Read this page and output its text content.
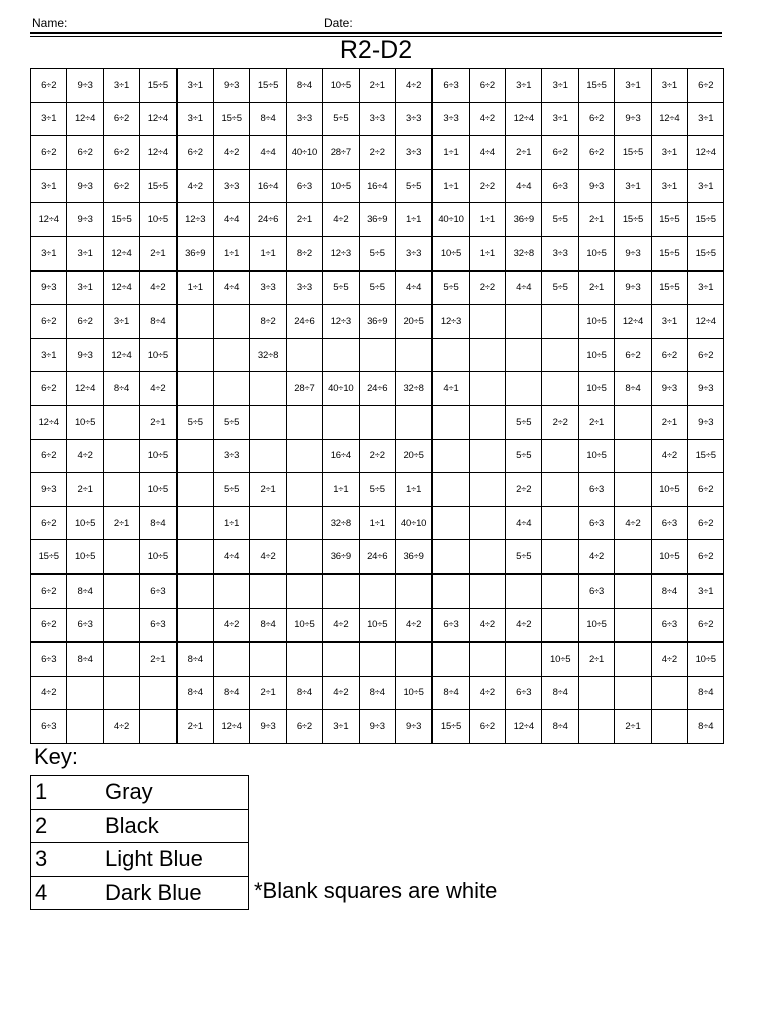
Name:	Date:
R2-D2
6÷2	9÷3	3÷1	15÷5	3÷1	9÷3	15÷5	8÷4	10÷5	2÷1	4÷2	6÷3	6÷2	3÷1	3÷1	15÷5	3÷1	3÷1	6÷2
3÷1	12÷4	6÷2	12÷4	3÷1	15÷5	8÷4	3÷3	5÷5	3÷3	3÷3	3÷3	4÷2	12÷4	3÷1	6÷2	9÷3	12÷4	3÷1
6÷2	6÷2	6÷2	12÷4	6÷2	4÷2	4÷4	40÷10	28÷7	2÷2	3÷3	1÷1	4÷4	2÷1	6÷2	6÷2	15÷5	3÷1	12÷4
3÷1	9÷3	6÷2	15÷5	4÷2	3÷3	16÷4	6÷3	10÷5	16÷4	5÷5	1÷1	2÷2	4÷4	6÷3	9÷3	3÷1	3÷1	3÷1
12÷4	9÷3	15÷5	10÷5	12÷3	4÷4	24÷6	2÷1	4÷2	36÷9	1÷1	40÷10	1÷1	36÷9	5÷5	2÷1	15÷5	15÷5	15÷5
3÷1	3÷1	12÷4	2÷1	36÷9	1÷1	1÷1	8÷2	12÷3	5÷5	3÷3	10÷5	1÷1	32÷8	3÷3	10÷5	9÷3	15÷5	15÷5
9÷3	3÷1	12÷4	4÷2	1÷1	4÷4	3÷3	3÷3	5÷5	5÷5	4÷4	5÷5	2÷2	4÷4	5÷5	2÷1	9÷3	15÷5	3÷1
6÷2	6÷2	3÷1	8÷4			8÷2	24÷6	12÷3	36÷9	20÷5	12÷3				10÷5	12÷4	3÷1	12÷4
3÷1	9÷3	12÷4	10÷5			32÷8									10÷5	6÷2	6÷2	6÷2
6÷2	12÷4	8÷4	4÷2				28÷7	40÷10	24÷6	32÷8	4÷1				10÷5	8÷4	9÷3	9÷3
12÷4	10÷5		2÷1	5÷5	5÷5								5÷5	2÷2	2÷1		2÷1	9÷3
6÷2	4÷2		10÷5		3÷3			16÷4	2÷2	20÷5			5÷5		10÷5		4÷2	15÷5
9÷3	2÷1		10÷5		5÷5	2÷1		1÷1	5÷5	1÷1			2÷2		6÷3		10÷5	6÷2
6÷2	10÷5	2÷1	8÷4		1÷1			32÷8	1÷1	40÷10			4÷4		6÷3	4÷2	6÷3	6÷2
15÷5	10÷5		10÷5		4÷4	4÷2		36÷9	24÷6	36÷9			5÷5		4÷2		10÷5	6÷2
6÷2	8÷4		6÷3												6÷3		8÷4	3÷1
6÷2	6÷3		6÷3		4÷2	8÷4	10÷5	4÷2	10÷5	4÷2	6÷3	4÷2	4÷2		10÷5		6÷3	6÷2
6÷3	8÷4		2÷1	8÷4										10÷5	2÷1		4÷2	10÷5
4÷2				8÷4	8÷4	2÷1	8÷4	4÷2	8÷4	10÷5	8÷4	4÷2	6÷3	8÷4				8÷4
6÷3		4÷2		2÷1	12÷4	9÷3	6÷2	3÷1	9÷3	9÷3	15÷5	6÷2	12÷4	8÷4		2÷1		8÷4
Key:
1	Gray
2	Black
3	Light Blue
4	Dark Blue *Blank squares are white
